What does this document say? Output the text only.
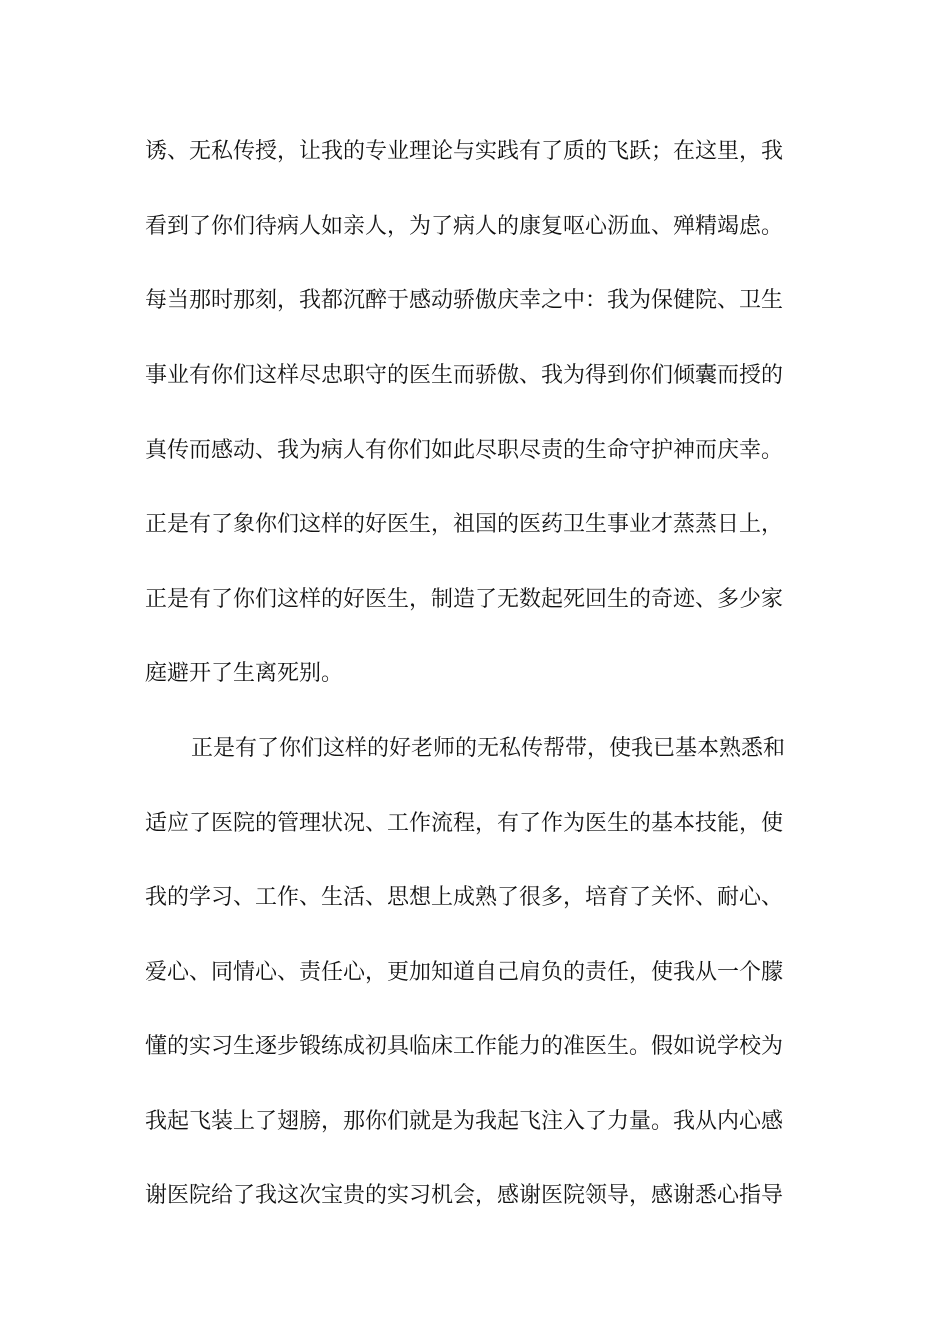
诱、无私传授，让我的专业理论与实践有了质的飞跃；在这里，我
看到了你们待病人如亲人，为了病人的康复呕心沥血、殚精竭虑。
每当那时那刻，我都沉醉于感动骄傲庆幸之中：我为保健院、卫生
事业有你们这样尽忠职守的医生而骄傲、我为得到你们倾囊而授的
真传而感动、我为病人有你们如此尽职尽责的生命守护神而庆幸。
正是有了象你们这样的好医生，祖国的医药卫生事业才蒸蒸日上，
正是有了你们这样的好医生，制造了无数起死回生的奇迹、多少家
庭避开了生离死别。
正是有了你们这样的好老师的无私传帮带，使我已基本熟悉和
适应了医院的管理状况、工作流程，有了作为医生的基本技能，使
我的学习、工作、生活、思想上成熟了很多，培育了关怀、耐心、
爱心、同情心、责任心，更加知道自己肩负的责任，使我从一个朦
懂的实习生逐步锻练成初具临床工作能力的准医生。假如说学校为
我起飞装上了翅膀，那你们就是为我起飞注入了力量。我从内心感
谢医院给了我这次宝贵的实习机会，感谢医院领导，感谢悉心指导
